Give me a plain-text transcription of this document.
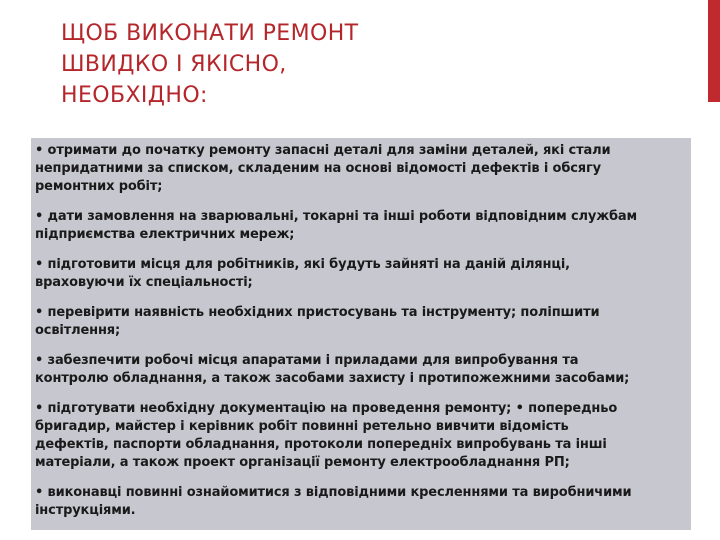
ЩОБ ВИКОНАТИ РЕМОНТ
ШВИДКО І ЯКІСНО,
НЕОБХІДНО:

• отримати до початку ремонту запасні деталі для заміни деталей, які стали
непридатними за списком, складеним на основі відомості дефектів і обсягу
ремонтних робіт;

• дати замовлення на зварювальні, токарні та інші роботи відповідним службам
підприємства електричних мереж;

• підготовити місця для робітників, які будуть зайняті на даній ділянці,
враховуючи їх спеціальності;

• перевірити наявність необхідних пристосувань та інструменту; поліпшити
освітлення;

• забезпечити робочі місця апаратами і приладами для випробування та
контролю обладнання, а також засобами захисту і протипожежними засобами;

• підготувати необхідну документацію на проведення ремонту; • попередньо
бригадир, майстер і керівник робіт повинні ретельно вивчити відомість
дефектів, паспорти обладнання, протоколи попередніх випробувань та інші
матеріали, а також проект організації ремонту електрообладнання РП;

• виконавці повинні ознайомитися з відповідними кресленнями та виробничими
інструкціями.
